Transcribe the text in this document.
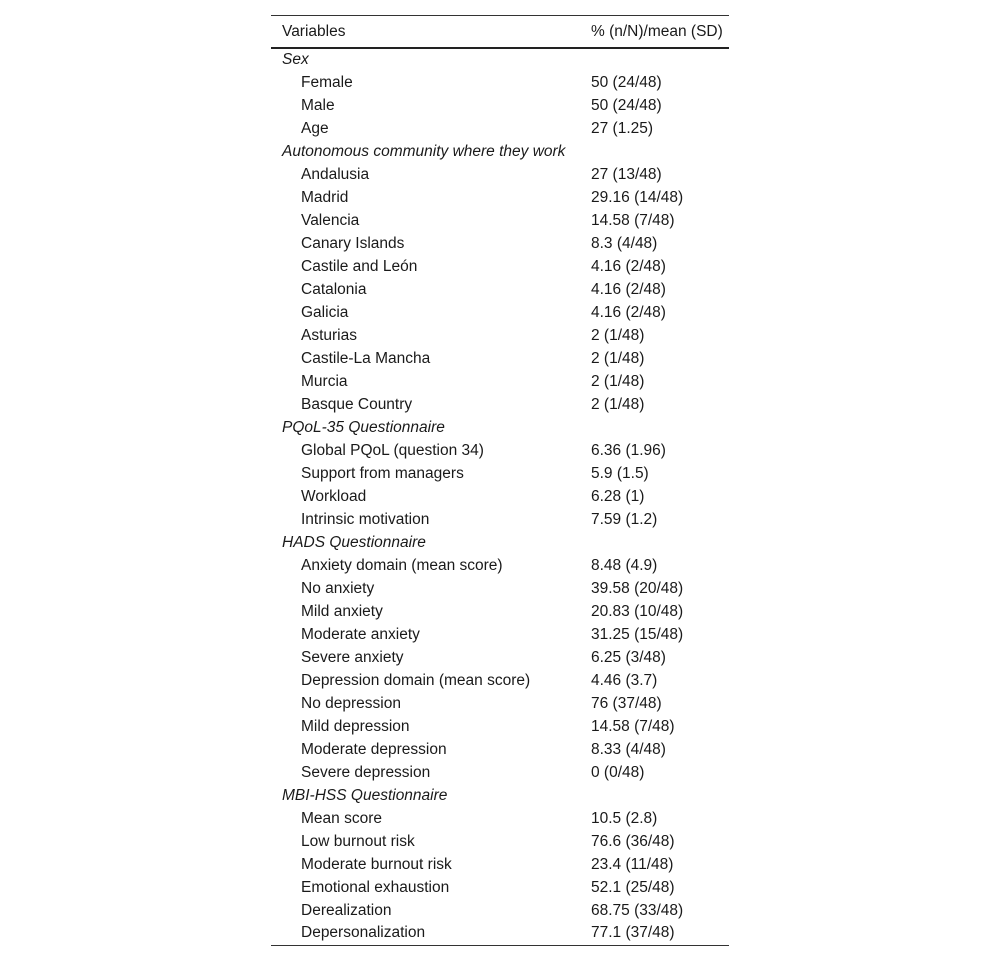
Variables	% (n/N)/mean (SD)
Sex	
Female	50 (24/48)
Male	50 (24/48)
Age	27 (1.25)
Autonomous community where they work	
Andalusia	27 (13/48)
Madrid	29.16 (14/48)
Valencia	14.58 (7/48)
Canary Islands	8.3 (4/48)
Castile and León	4.16 (2/48)
Catalonia	4.16 (2/48)
Galicia	4.16 (2/48)
Asturias	2 (1/48)
Castile-La Mancha	2 (1/48)
Murcia	2 (1/48)
Basque Country	2 (1/48)
PQoL-35 Questionnaire	
Global PQoL (question 34)	6.36 (1.96)
Support from managers	5.9 (1.5)
Workload	6.28 (1)
Intrinsic motivation	7.59 (1.2)
HADS Questionnaire	
Anxiety domain (mean score)	8.48 (4.9)
No anxiety	39.58 (20/48)
Mild anxiety	20.83 (10/48)
Moderate anxiety	31.25 (15/48)
Severe anxiety	6.25 (3/48)
Depression domain (mean score)	4.46 (3.7)
No depression	76 (37/48)
Mild depression	14.58 (7/48)
Moderate depression	8.33 (4/48)
Severe depression	0 (0/48)
MBI-HSS Questionnaire	
Mean score	10.5 (2.8)
Low burnout risk	76.6 (36/48)
Moderate burnout risk	23.4 (11/48)
Emotional exhaustion	52.1 (25/48)
Derealization	68.75 (33/48)
Depersonalization	77.1 (37/48)
